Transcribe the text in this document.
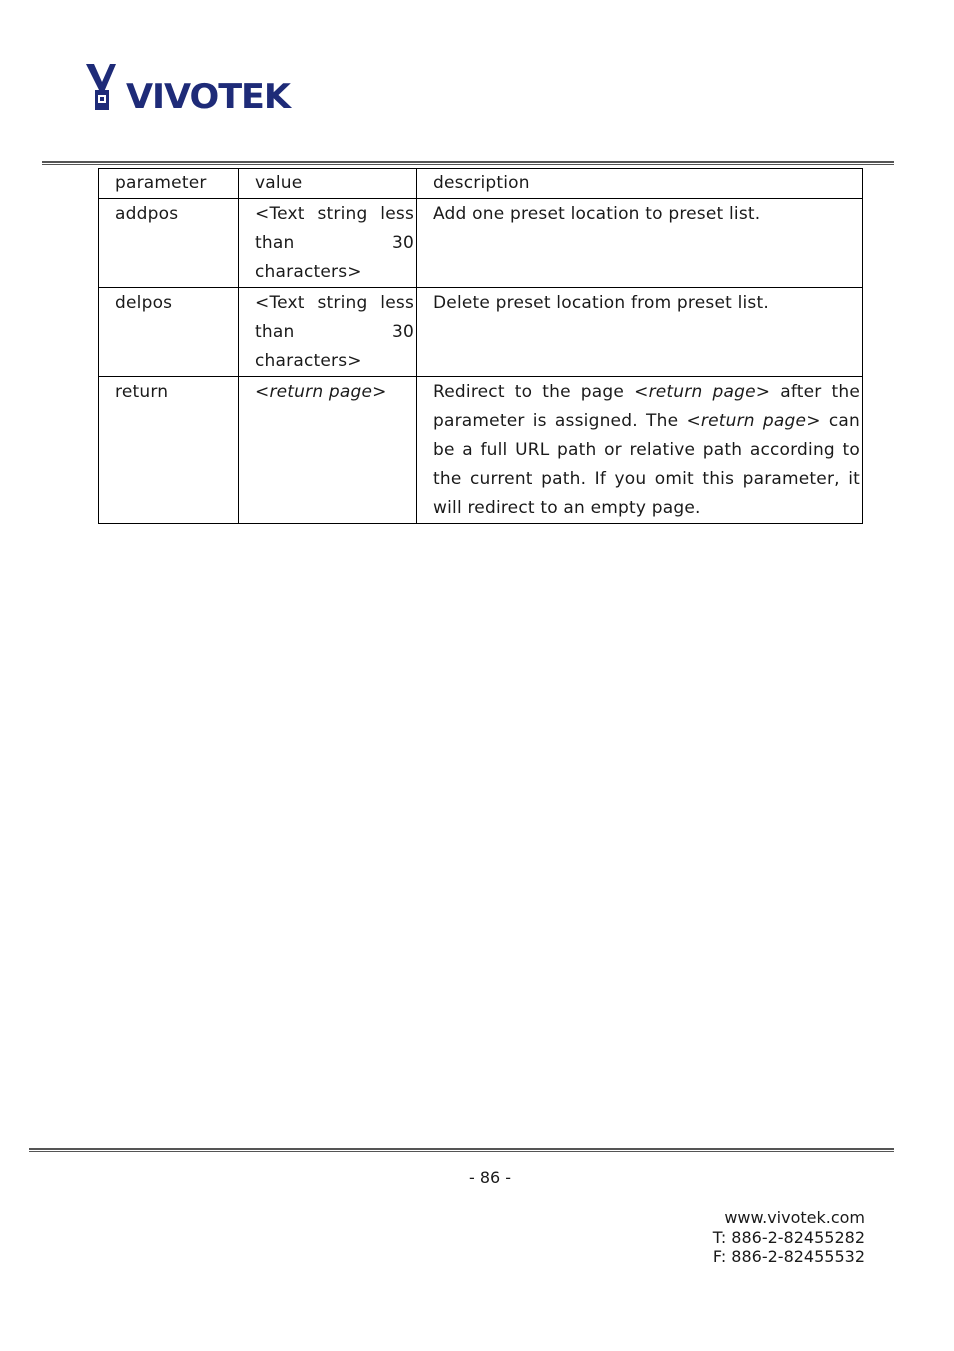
VIVOTEK
parameter	value	description
addpos	<Text string less
than 30
characters>	Add one preset location to preset list.
delpos	<Text string less
than 30
characters>	Delete preset location from preset list.
return	<return page>	Redirect to the page <return page> after the parameter is assigned. The <return page> can be a full URL path or relative path according to the current path. If you omit this parameter, it will redirect to an empty page.
- 86 -
www.vivotek.com
T: 886-2-82455282
F: 886-2-82455532
